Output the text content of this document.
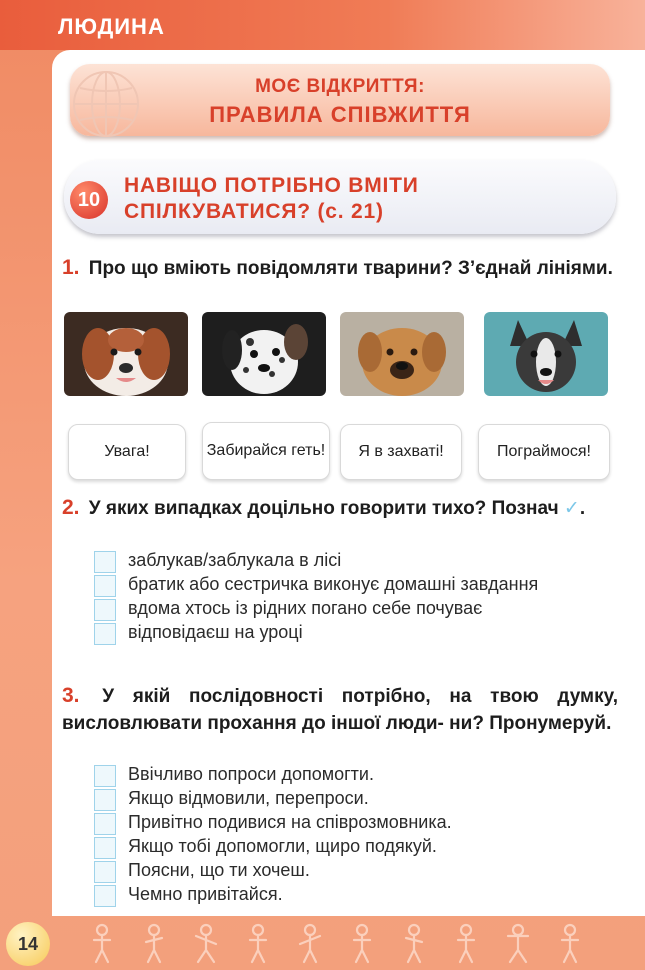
ЛЮДИНА
МОЄ ВІДКРИТТЯ:
ПРАВИЛА СПІВЖИТТЯ
10
НАВІЩО ПОТРІБНО ВМІТИ
СПІЛКУВАТИСЯ? (с. 21)
1. Про що вміють повідомляти тварини? З’єднай лініями.
Увага!	Забирайся геть! Я в захваті!	Пограймося!
2. У яких випадках доцільно говорити тихо? Познач ✓.
заблукав/заблукала в лісі
братик або сестричка виконує домашні завдання
вдома хтось із рідних погано себе почуває
відповідаєш на уроці
3. У якій послідовності потрібно, на твою думку, висловлювати прохання до іншої люди- ни? Пронумеруй.
Ввічливо попроси допомогти.
Якщо відмовили, перепроси.
Привітно подивися на співрозмовника.
Якщо тобі допомогли, щиро подякуй.
Поясни, що ти хочеш.
Чемно привітайся.
14
